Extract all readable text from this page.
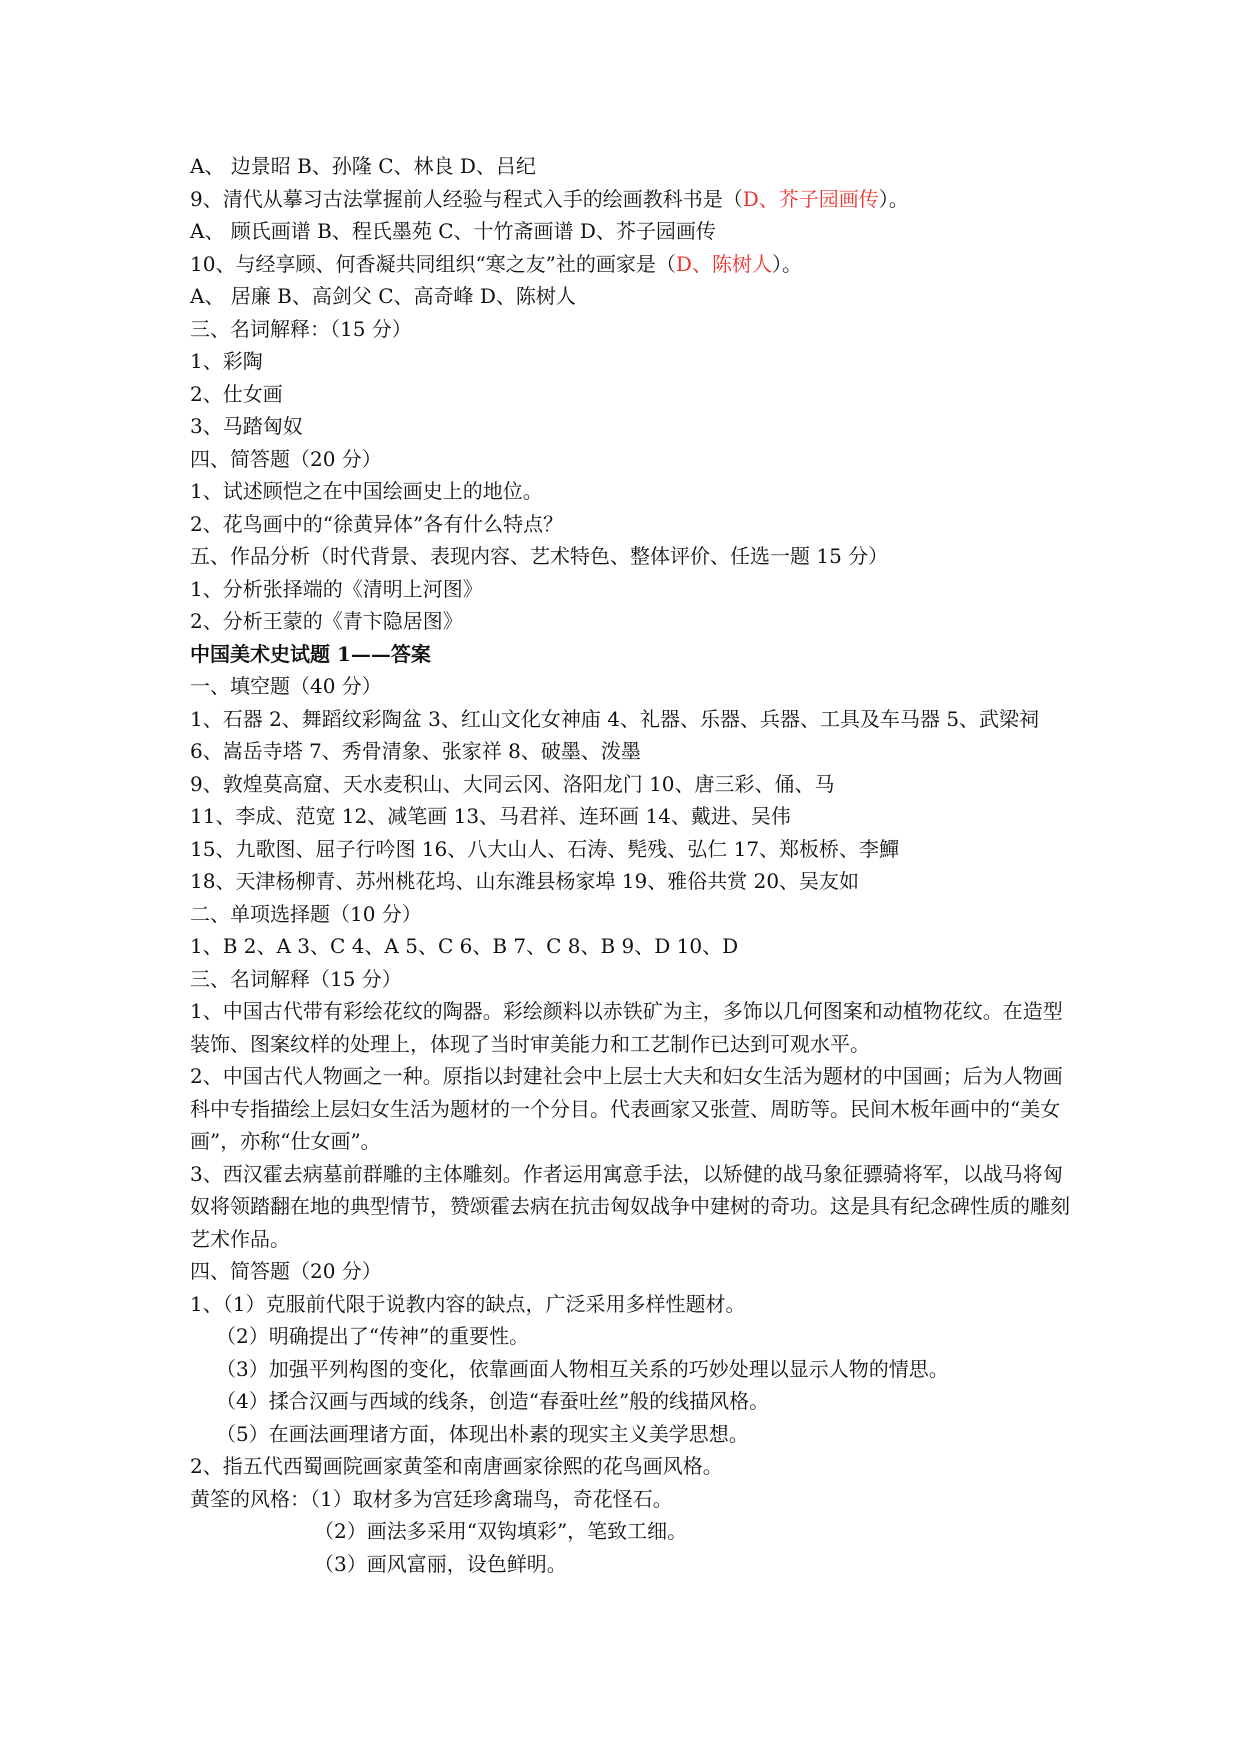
A、 边景昭 B、孙隆 C、林良 D、吕纪

9、清代从摹习古法掌握前人经验与程式入手的绘画教科书是（D、芥子园画传）。

A、 顾氏画谱 B、程氏墨苑 C、十竹斋画谱 D、芥子园画传

10、与经享顾、何香凝共同组织“寒之友”社的画家是（D、陈树人）。

A、 居廉 B、高剑父 C、高奇峰 D、陈树人

三、名词解释：（15 分）

1、彩陶

2、仕女画

3、马踏匈奴

四、简答题（20 分）

1、试述顾恺之在中国绘画史上的地位。

2、花鸟画中的“徐黄异体”各有什么特点？

五、作品分析（时代背景、表现内容、艺术特色、整体评价、任选一题 15 分）

1、分析张择端的《清明上河图》

2、分析王蒙的《青卞隐居图》

中国美术史试题 1——答案

一、填空题（40 分）

1、石器 2、舞蹈纹彩陶盆 3、红山文化女神庙 4、礼器、乐器、兵器、工具及车马器 5、武梁祠 6、嵩岳寺塔 7、秀骨清象、张家祥 8、破墨、泼墨

9、敦煌莫高窟、天水麦积山、大同云冈、洛阳龙门 10、唐三彩、俑、马

11、李成、范宽 12、减笔画 13、马君祥、连环画 14、戴进、吴伟

15、九歌图、屈子行吟图 16、八大山人、石涛、髡残、弘仁 17、郑板桥、李鱓

18、天津杨柳青、苏州桃花坞、山东潍县杨家埠 19、雅俗共赏 20、吴友如

二、单项选择题（10 分）

1、B 2、A 3、C 4、A 5、C 6、B 7、C 8、B 9、D 10、D

三、名词解释（15 分）

1、中国古代带有彩绘花纹的陶器。彩绘颜料以赤铁矿为主，多饰以几何图案和动植物花纹。在造型装饰、图案纹样的处理上，体现了当时审美能力和工艺制作已达到可观水平。

2、中国古代人物画之一种。原指以封建社会中上层士大夫和妇女生活为题材的中国画；后为人物画科中专指描绘上层妇女生活为题材的一个分目。代表画家又张萱、周昉等。民间木板年画中的“美女画”，亦称“仕女画”。

3、西汉霍去病墓前群雕的主体雕刻。作者运用寓意手法，以矫健的战马象征骠骑将军，以战马将匈奴将领踏翻在地的典型情节，赞颂霍去病在抗击匈奴战争中建树的奇功。这是具有纪念碑性质的雕刻艺术作品。

四、简答题（20 分）

1、（1）克服前代限于说教内容的缺点，广泛采用多样性题材。

（2）明确提出了“传神”的重要性。

（3）加强平列构图的变化，依靠画面人物相互关系的巧妙处理以显示人物的情思。

（4）揉合汉画与西域的线条，创造“春蚕吐丝”般的线描风格。

（5）在画法画理诸方面，体现出朴素的现实主义美学思想。

2、指五代西蜀画院画家黄筌和南唐画家徐熙的花鸟画风格。

黄筌的风格：（1）取材多为宫廷珍禽瑞鸟，奇花怪石。

（2）画法多采用“双钩填彩”，笔致工细。

（3）画风富丽，设色鲜明。
